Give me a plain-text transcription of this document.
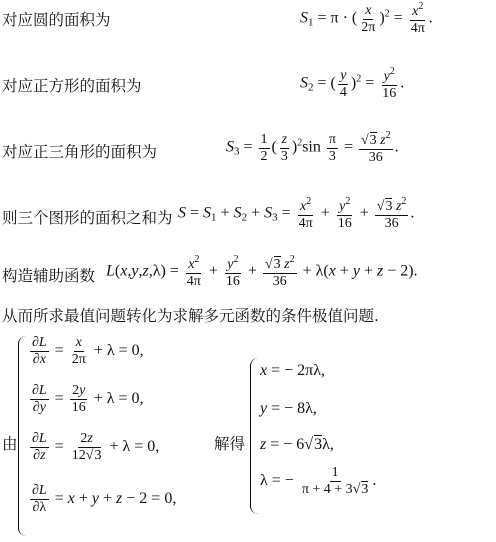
对应圆的面积为	$S_1 = \pi$ · ( $\frac{x}{2\pi} )^2 = \frac{x^2}{4\pi}$ .
对应正方形的面积为	$S_2$ = ( $\frac{y}{4} )^2 = \frac{y^2}{16}$ .
对应正三角形的面积为	$S_3 = \frac{1}{2}$ ( $\frac{z}{3} )^2\sin \frac{\pi}{3} = \frac{√3 z^2}{36}$ .
则三个图形的面积之和为 $S = S_1 + S_2 + S_3 = \frac{x^2}{4\pi} + \frac{y^2}{16} + \frac{√3 z^2}{36}$ .
构造辅助函数 $L(x,y,z,\lambda) = \frac{x^2}{4\pi} + \frac{y^2}{16} + \frac{√3 z^2}{36} + \lambda(x + y + z - 2)$.
从而所求最值问题转化为求解多元函数的条件极值问题.
由
$\frac{\partial L}{\partial x} = \frac{x}{2\pi} + \lambda = 0$,
$\frac{\partial L}{\partial y} = \frac{2y}{16} + \lambda = 0$,
$\frac{\partial L}{\partial z} = \frac{2z}{12√3} + \lambda = 0$,
$\frac{\partial L}{\partial\lambda} = x + y + z - 2 = 0$,
解得
x = − 2πλ,
y = − 8λ,
z = − 6√3λ,
λ = − $\frac{1}{\pi + 4 + 3√3}$ .
